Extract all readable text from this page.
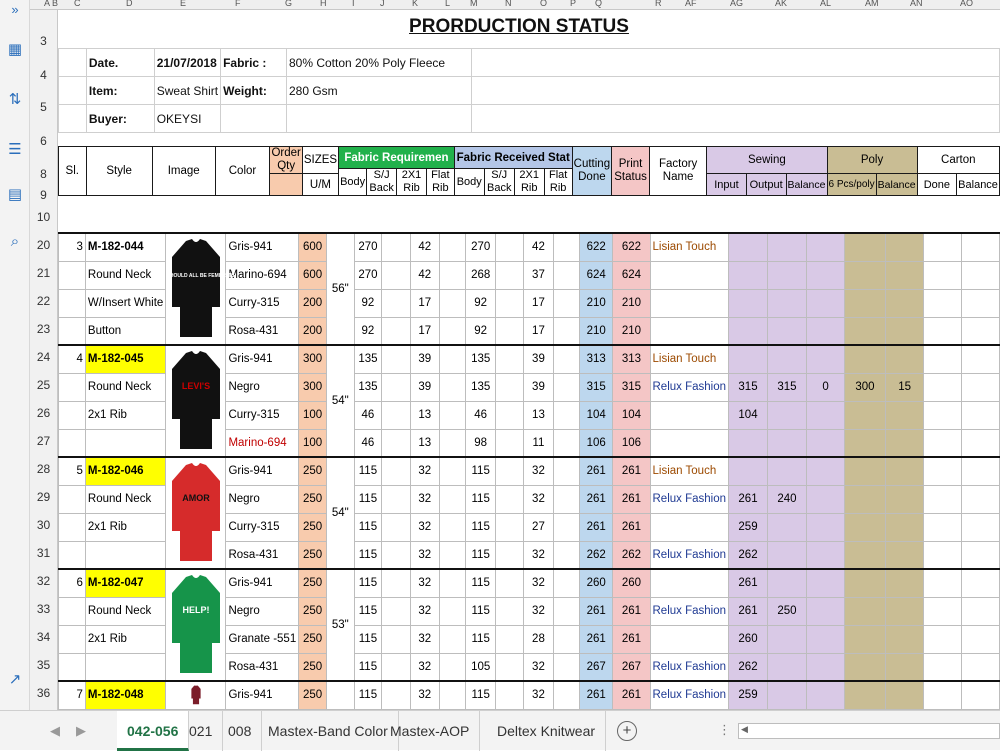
»
▦
⇅
☰
▤
⌕
↗
A B C	D	E	F	G	H	I	J	K	L M	N	O	P Q	R	AF	AG	AK	AL	AM	AN	AO
3
4
5
6
8
9
10
20
21
22
23
24
25
26
27
28
29
30
31
32
33
34
35
36
PRORDUCTION STATUS
	Date.	21/07/2018	Fabric :	80% Cotton 20% Poly Fleece	
	Item:	Sweat Shirt	Weight:	280 Gsm	
	Buyer:	OKEYSI			
Sl.	Style	Image	Color	Order Qty	SIZES	Fabric Requiremen				Fabric Received Stat				Cutting Done	Print Status	Factory Name	Sewing			Poly		Carton	
						Body	S/J Back	2X1 Rib	Flat Rib	Body	S/J Back	2X1 Rib	Flat Rib										
					U/M												Input	Output	Balance	6 Pcs/poly	Balance	Done	Balance
3	M-182-044	WE SHOULD ALL BE FEMINISTS	Gris-941	600	56"	270		42		270		42		622	622	Lisian Touch							
	Round Neck		Marino-694	600		270		42		268		37		624	624								
	W/Insert White		Curry-315	200		92		17		92		17		210	210								
	Button		Rosa-431	200		92		17		92		17		210	210								
4	M-182-045	LEVI'S	Gris-941	300	54"	135		39		135		39		313	313	Lisian Touch							
	Round Neck		Negro	300		135		39		135		39		315	315	Relux Fashion	315	315	0	300	15		
	2x1 Rib		Curry-315	100		46		13		46		13		104	104		104						
			Marino-694	100		46		13		98		11		106	106								
5	M-182-046	AMOR	Gris-941	250	54"	115		32		115		32		261	261	Lisian Touch							
	Round Neck		Negro	250		115		32		115		32		261	261	Relux Fashion	261	240					
	2x1 Rib		Curry-315	250		115		32		115		27		261	261		259						
			Rosa-431	250		115		32		115		32		262	262	Relux Fashion	262						
6	M-182-047	HELP!	Gris-941	250	53"	115		32		115		32		260	260		261						
	Round Neck		Negro	250		115		32		115		32		261	261	Relux Fashion	261	250					
	2x1 Rib		Granate -551	250		115		32		115		28		261	261		260						
			Rosa-431	250		115		32		105		32		267	267	Relux Fashion	262						
7	M-182-048		Gris-941	250		115		32		115		32		261	261	Relux Fashion	259						
◀ ▶	042-056 021	008	Mastex-Band Color Mastex-AOP	Deltex Knitwear	+	⋮ ◀
